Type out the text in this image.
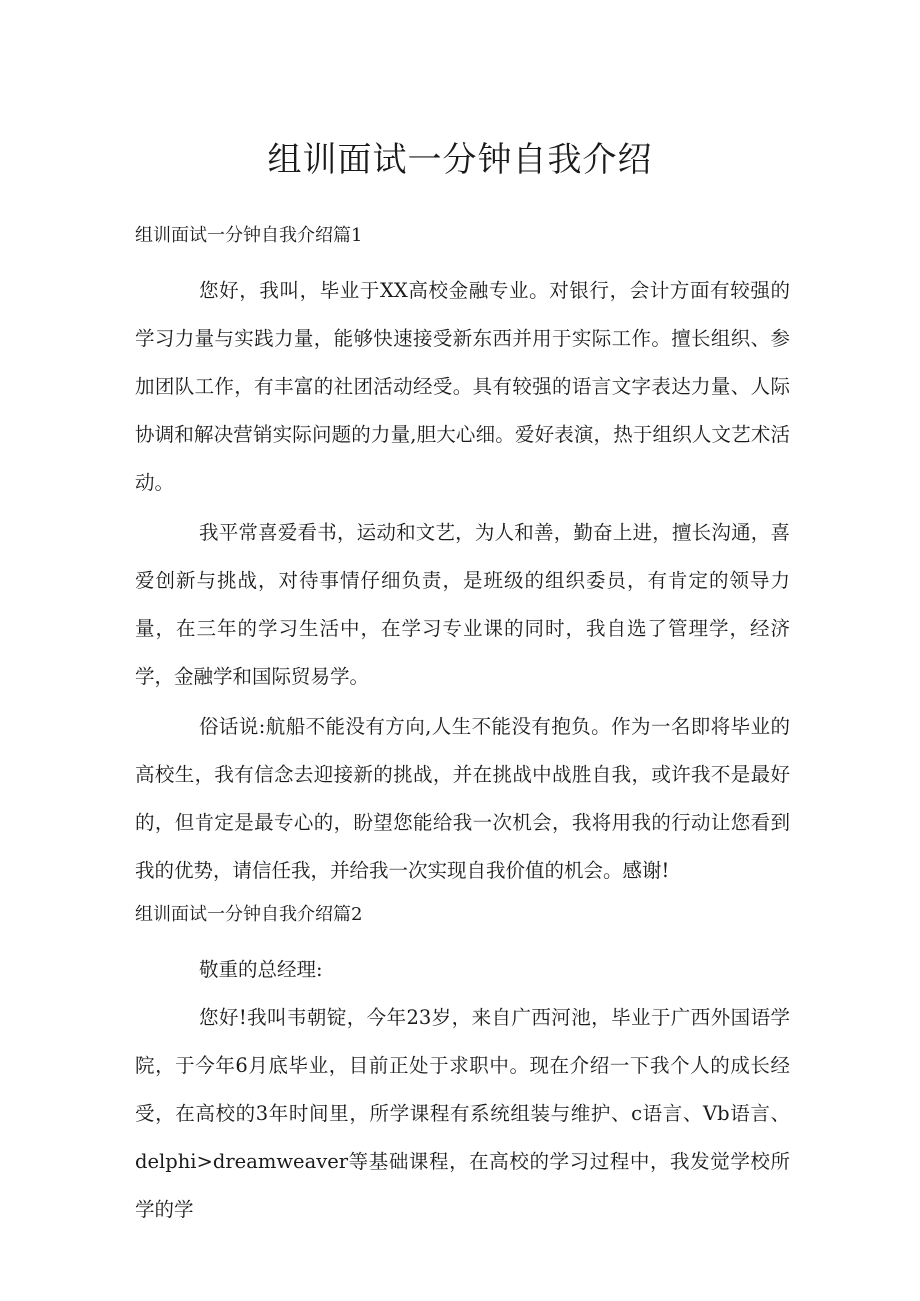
组训面试一分钟自我介绍

组训面试一分钟自我介绍篇1

您好，我叫，毕业于XX高校金融专业。对银行，会计方面有较强的学习力量与实践力量，能够快速接受新东西并用于实际工作。擅长组织、参加团队工作，有丰富的社团活动经受。具有较强的语言文字表达力量、人际协调和解决营销实际问题的力量,胆大心细。爱好表演，热于组织人文艺术活动。

我平常喜爱看书，运动和文艺，为人和善，勤奋上进，擅长沟通，喜爱创新与挑战，对待事情仔细负责，是班级的组织委员，有肯定的领导力量，在三年的学习生活中，在学习专业课的同时，我自选了管理学，经济学，金融学和国际贸易学。

俗话说:航船不能没有方向,人生不能没有抱负。作为一名即将毕业的高校生，我有信念去迎接新的挑战，并在挑战中战胜自我，或许我不是最好的，但肯定是最专心的，盼望您能给我一次机会，我将用我的行动让您看到我的优势，请信任我，并给我一次实现自我价值的机会。感谢!

组训面试一分钟自我介绍篇2

敬重的总经理:

您好!我叫韦朝锭，今年23岁，来自广西河池，毕业于广西外国语学院，于今年6月底毕业，目前正处于求职中。现在介绍一下我个人的成长经受，在高校的3年时间里，所学课程有系统组装与维护、c语言、Vb语言、delphi>dreamweaver等基础课程，在高校的学习过程中，我发觉学校所学的学
